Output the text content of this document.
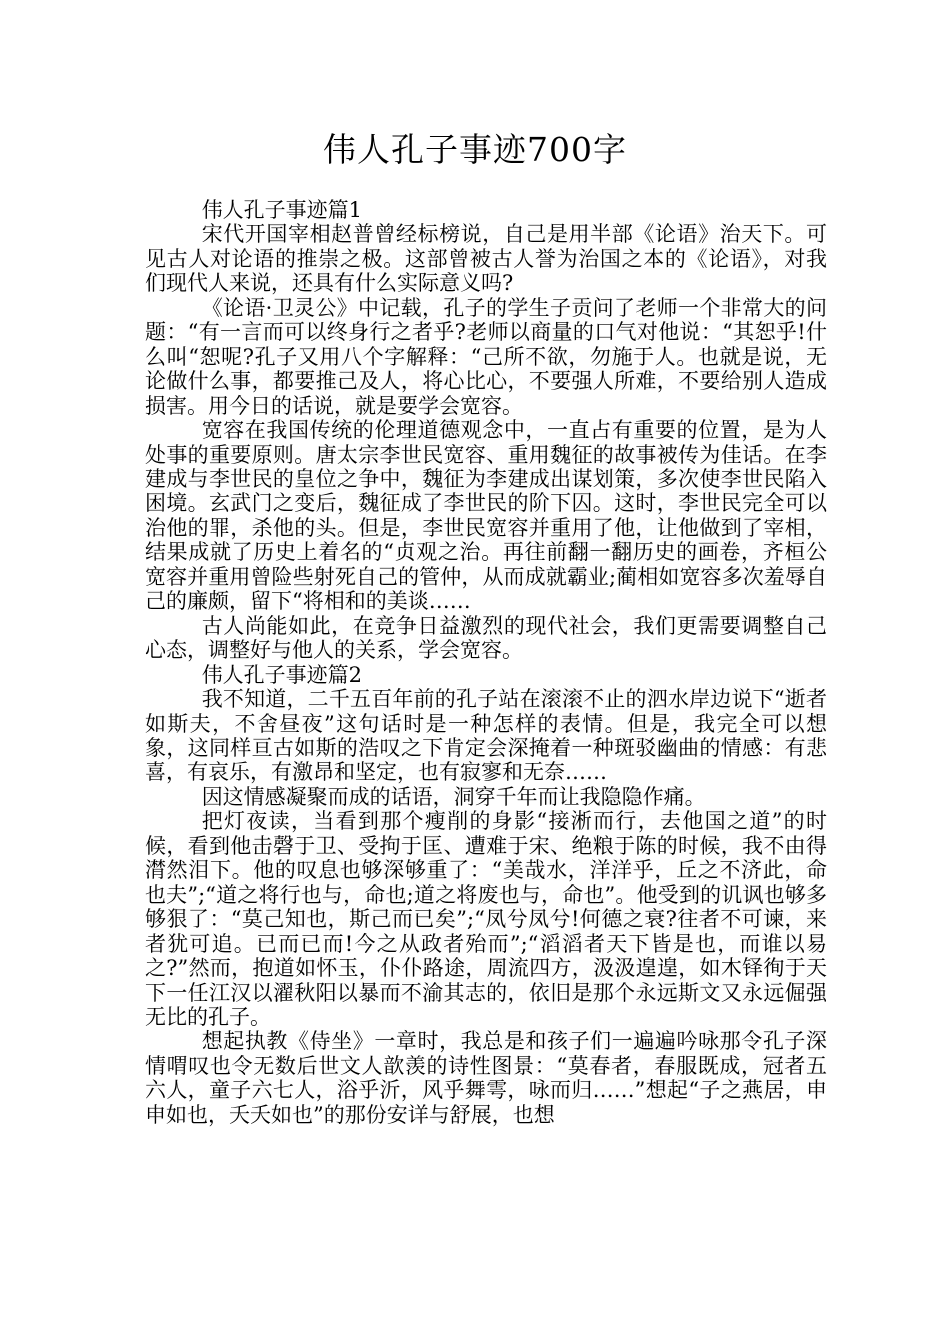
伟人孔子事迹700字

伟人孔子事迹篇1

宋代开国宰相赵普曾经标榜说，自己是用半部《论语》治天下。可见古人对论语的推崇之极。这部曾被古人誉为治国之本的《论语》，对我们现代人来说，还具有什么实际意义吗?

《论语·卫灵公》中记载，孔子的学生子贡问了老师一个非常大的问题：“有一言而可以终身行之者乎?老师以商量的口气对他说：“其恕乎!什么叫“恕呢?孔子又用八个字解释：“己所不欲，勿施于人。也就是说，无论做什么事，都要推己及人，将心比心，不要强人所难，不要给别人造成损害。用今日的话说，就是要学会宽容。

宽容在我国传统的伦理道德观念中，一直占有重要的位置，是为人处事的重要原则。唐太宗李世民宽容、重用魏征的故事被传为佳话。在李建成与李世民的皇位之争中，魏征为李建成出谋划策，多次使李世民陷入困境。玄武门之变后，魏征成了李世民的阶下囚。这时，李世民完全可以治他的罪，杀他的头。但是，李世民宽容并重用了他，让他做到了宰相，结果成就了历史上着名的“贞观之治。再往前翻一翻历史的画卷，齐桓公宽容并重用曾险些射死自己的管仲，从而成就霸业;蔺相如宽容多次羞辱自己的廉颇，留下“将相和的美谈……

古人尚能如此，在竞争日益激烈的现代社会，我们更需要调整自己心态，调整好与他人的关系，学会宽容。

伟人孔子事迹篇2

我不知道，二千五百年前的孔子站在滚滚不止的泗水岸边说下“逝者如斯夫，不舍昼夜”这句话时是一种怎样的表情。但是，我完全可以想象，这同样亘古如斯的浩叹之下肯定会深掩着一种斑驳幽曲的情感：有悲喜，有哀乐，有激昂和坚定，也有寂寥和无奈……

因这情感凝聚而成的话语，洞穿千年而让我隐隐作痛。

把灯夜读，当看到那个瘦削的身影“接淅而行，去他国之道”的时候，看到他击磬于卫、受拘于匡、遭难于宋、绝粮于陈的时候，我不由得潸然泪下。他的叹息也够深够重了：“美哉水，洋洋乎，丘之不济此，命也夫”;“道之将行也与，命也;道之将废也与，命也”。他受到的讥讽也够多够狠了：“莫己知也，斯己而已矣”;“凤兮凤兮!何德之衰?往者不可谏，来者犹可追。已而已而!今之从政者殆而”;“滔滔者天下皆是也，而谁以易之?”然而，抱道如怀玉，仆仆路途，周流四方，汲汲遑遑，如木铎徇于天下一任江汉以濯秋阳以暴而不渝其志的，依旧是那个永远斯文又永远倔强无比的孔子。

想起执教《侍坐》一章时，我总是和孩子们一遍遍吟咏那令孔子深情喟叹也令无数后世文人歆羡的诗性图景：“莫春者，春服既成，冠者五六人，童子六七人，浴乎沂，风乎舞雩，咏而归……”想起“子之燕居，申申如也，夭夭如也”的那份安详与舒展，也想
